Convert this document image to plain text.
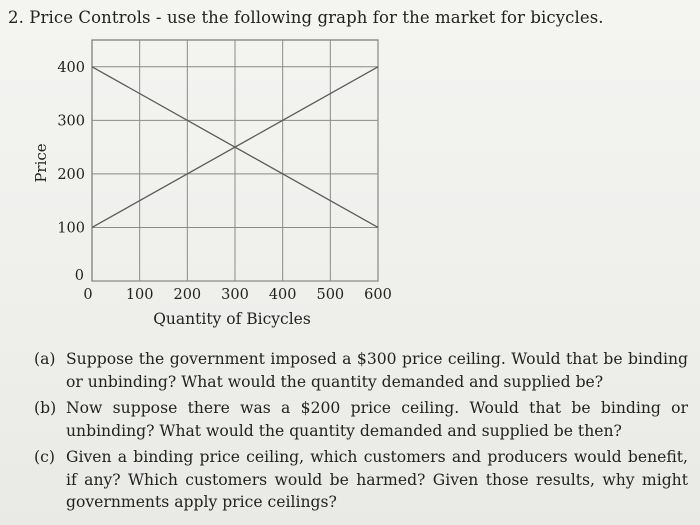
2. Price Controls - use the following graph for the market for bicycles.
0
100
200
300
400
0 100 200 300 400 500 600
Price
Quantity of Bicycles
(a) Suppose the government imposed a $300 price ceiling. Would that be binding or unbinding? What would the quantity demanded and supplied be?
(b) Now suppose there was a $200 price ceiling. Would that be binding or unbinding? What would the quantity demanded and supplied be then?
(c) Given a binding price ceiling, which customers and producers would benefit, if any? Which customers would be harmed? Given those results, why might governments apply price ceilings?
